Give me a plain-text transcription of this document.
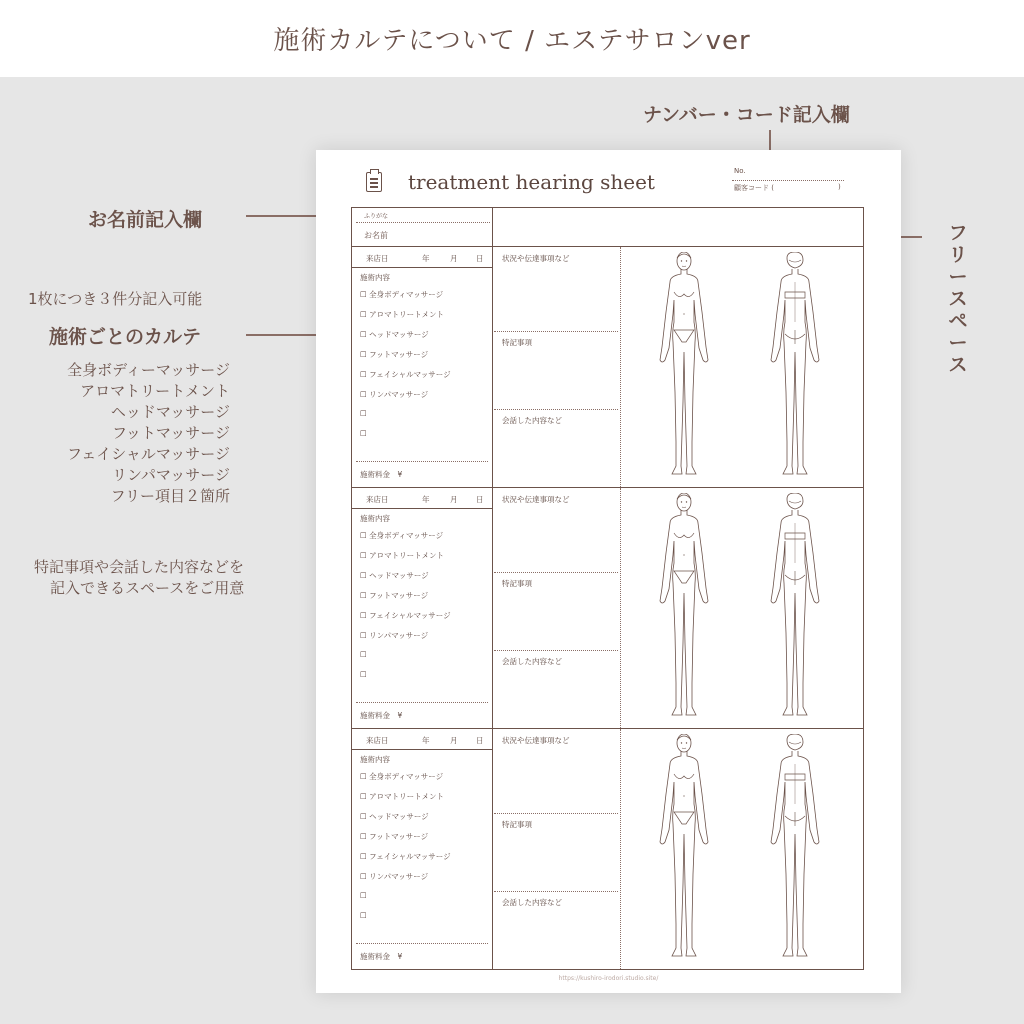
施術カルテについて / エステサロンver
ナンバー・コード記入欄
お名前記入欄
フリースペース
1枚につき３件分記入可能
施術ごとのカルテ
全身ボディーマッサージ
アロマトリートメント
ヘッドマッサージ
フットマッサージ
フェイシャルマッサージ
リンパマッサージ
フリー項目２箇所
特記事項や会話した内容などを
記入できるスペースをご用意
treatment hearing sheet	No.
顧客コード (	)
ふりがな
お名前
来店日	年	月 日
施術内容
☐ 全身ボディマッサージ
☐ アロマトリートメント
☐ ヘッドマッサージ
☐ フットマッサージ
☐ フェイシャルマッサージ
☐ リンパマッサージ
☐
☐
施術料金　¥
状況や伝達事項など
特記事項
会話した内容など
来店日	年	月 日
施術内容
☐ 全身ボディマッサージ
☐ アロマトリートメント
☐ ヘッドマッサージ
☐ フットマッサージ
☐ フェイシャルマッサージ
☐ リンパマッサージ
☐
☐
施術料金　¥
状況や伝達事項など
特記事項
会話した内容など
来店日	年	月 日
施術内容
☐ 全身ボディマッサージ
☐ アロマトリートメント
☐ ヘッドマッサージ
☐ フットマッサージ
☐ フェイシャルマッサージ
☐ リンパマッサージ
☐
☐
施術料金　¥
状況や伝達事項など
特記事項
会話した内容など
https://kushiro-irodori.studio.site/
